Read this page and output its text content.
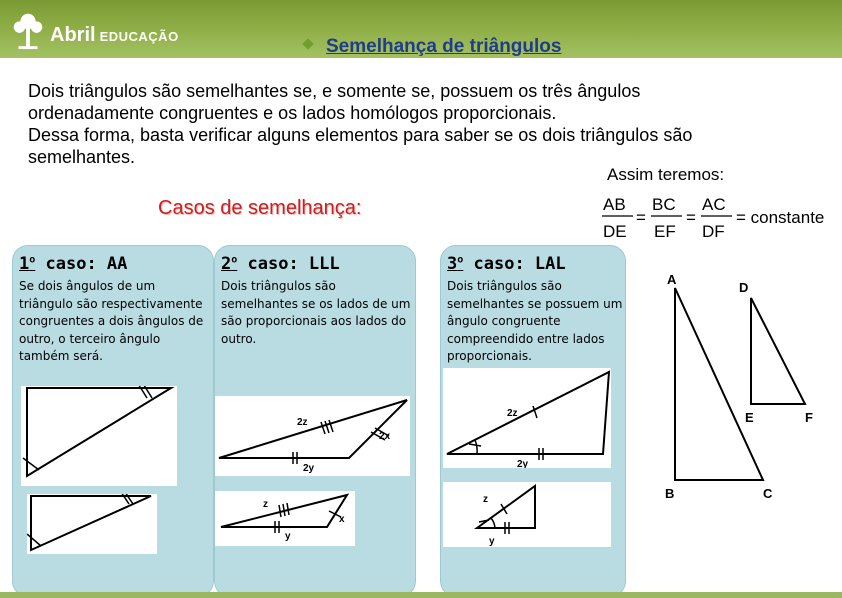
Abril EDUCAÇÃO	Semelhança de triângulos

Dois triângulos são semelhantes se, e somente se, possuem os três ângulos

ordenadamente congruentes e os lados homólogos proporcionais.

Dessa forma, basta verificar alguns elementos para saber se os dois triângulos são

semelhantes.

Assim teremos:
Casos de semelhança:	AB
DE
=
BC
EF
=
AC
DF
= constante
1$^o$ caso: AA
Se dois ângulos de um triângulo são respectivamente congruentes a dois ângulos de outro, o terceiro ângulo também será.
2$^o$ caso: LLL
Dois triângulos são semelhantes se os lados de um são proporcionais aos lados do outro.
2z
2x
2y
z
x
y
3$^o$ caso: LAL
Dois triângulos são semelhantes se possuem um ângulo congruente compreendido entre lados proporcionais.
2z
2y
z
y
A
B	C
D
E	F
